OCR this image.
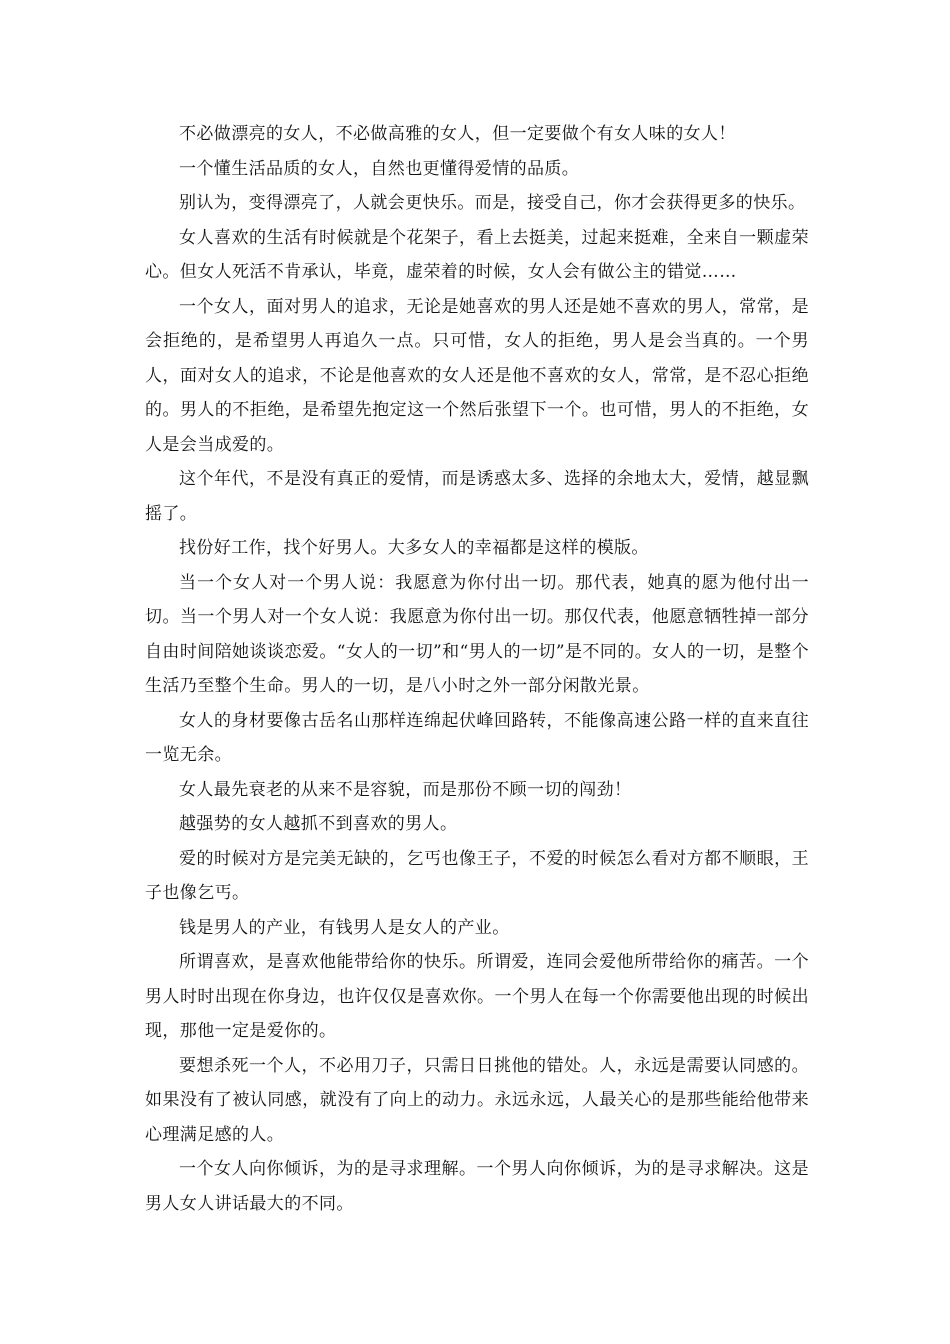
不必做漂亮的女人，不必做高雅的女人，但一定要做个有女人味的女人！

一个懂生活品质的女人，自然也更懂得爱情的品质。

别认为，变得漂亮了，人就会更快乐。而是，接受自己，你才会获得更多的快乐。

女人喜欢的生活有时候就是个花架子，看上去挺美，过起来挺难，全来自一颗虚荣心。但女人死活不肯承认，毕竟，虚荣着的时候，女人会有做公主的错觉……

一个女人，面对男人的追求，无论是她喜欢的男人还是她不喜欢的男人，常常，是会拒绝的，是希望男人再追久一点。只可惜，女人的拒绝，男人是会当真的。一个男人，面对女人的追求，不论是他喜欢的女人还是他不喜欢的女人，常常，是不忍心拒绝的。男人的不拒绝，是希望先抱定这一个然后张望下一个。也可惜，男人的不拒绝，女人是会当成爱的。

这个年代，不是没有真正的爱情，而是诱惑太多、选择的余地太大，爱情，越显飘摇了。

找份好工作，找个好男人。大多女人的幸福都是这样的模版。

当一个女人对一个男人说：我愿意为你付出一切。那代表，她真的愿为他付出一切。当一个男人对一个女人说：我愿意为你付出一切。那仅代表，他愿意牺牲掉一部分自由时间陪她谈谈恋爱。“女人的一切”和“男人的一切”是不同的。女人的一切，是整个生活乃至整个生命。男人的一切，是八小时之外一部分闲散光景。

女人的身材要像古岳名山那样连绵起伏峰回路转，不能像高速公路一样的直来直往一览无余。

女人最先衰老的从来不是容貌，而是那份不顾一切的闯劲！

越强势的女人越抓不到喜欢的男人。

爱的时候对方是完美无缺的，乞丐也像王子，不爱的时候怎么看对方都不顺眼，王子也像乞丐。

钱是男人的产业，有钱男人是女人的产业。

所谓喜欢，是喜欢他能带给你的快乐。所谓爱，连同会爱他所带给你的痛苦。一个男人时时出现在你身边，也许仅仅是喜欢你。一个男人在每一个你需要他出现的时候出现，那他一定是爱你的。

要想杀死一个人，不必用刀子，只需日日挑他的错处。人，永远是需要认同感的。如果没有了被认同感，就没有了向上的动力。永远永远，人最关心的是那些能给他带来心理满足感的人。

一个女人向你倾诉，为的是寻求理解。一个男人向你倾诉，为的是寻求解决。这是男人女人讲话最大的不同。
